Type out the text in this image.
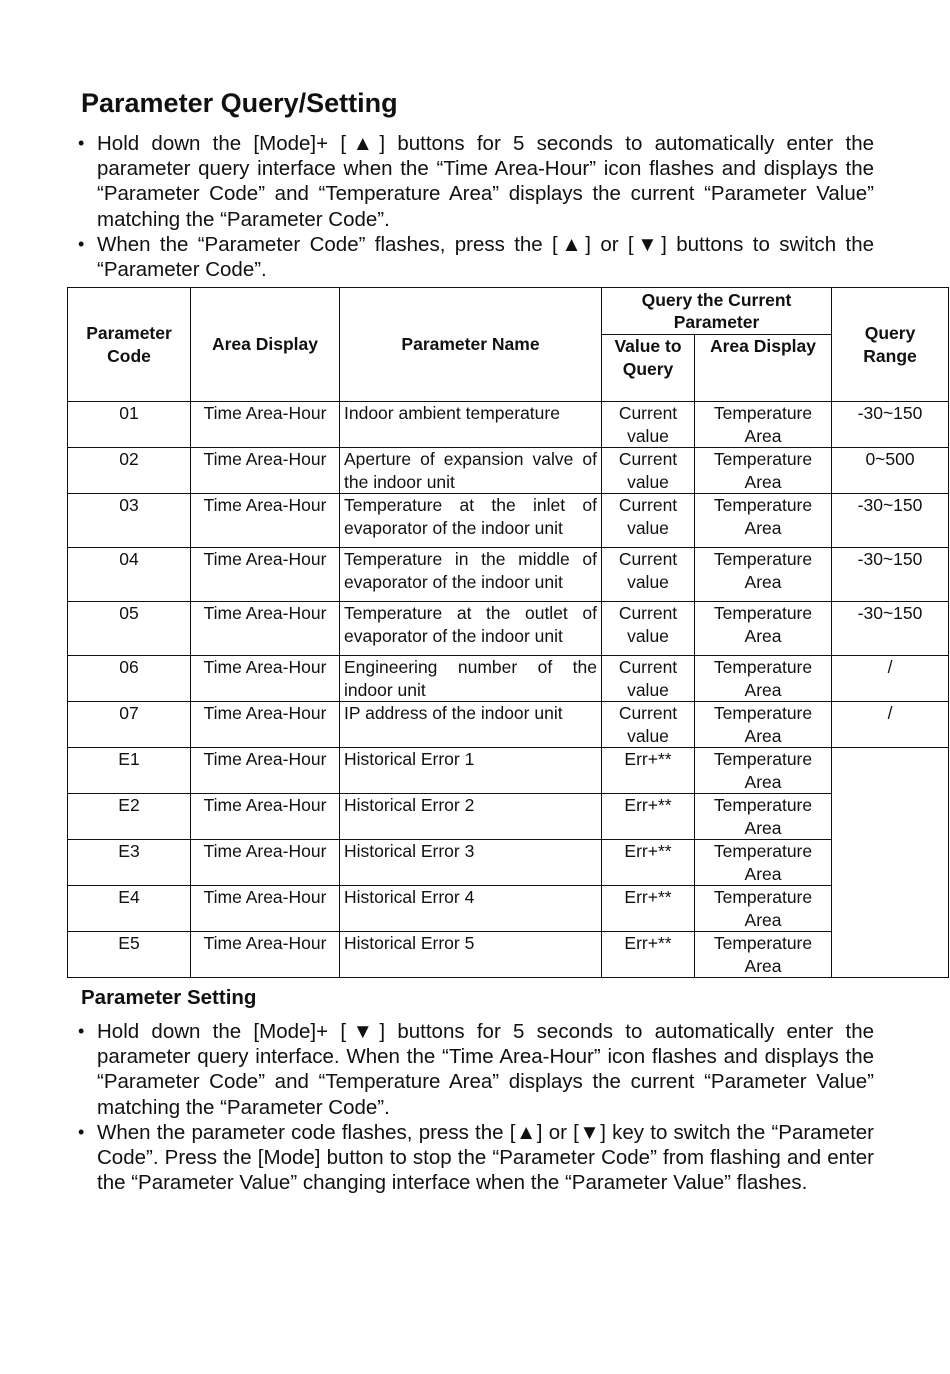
Parameter Query/Setting
• Hold down the [Mode]+ [▲] buttons for 5 seconds to automatically enter the parameter query interface when the “Time Area-Hour” icon flashes and displays the “Parameter Code” and “Temperature Area” displays the current “Parameter Value” matching the “Parameter Code”.
• When the “Parameter Code” flashes, press the [▲] or [▼] buttons to switch the “Parameter Code”.
Parameter Code	Area Display	Parameter Name	Query the Current Parameter		Query Range
			Value to Query	Area Display	
01	Time Area-Hour	Indoor ambient temperature	Current value	Temperature Area	-30~150
02	Time Area-Hour	Aperture of expansion valve of the indoor unit	Current value	Temperature Area	0~500
03	Time Area-Hour	Temperature at the inlet of evaporator of the indoor unit	Current value	Temperature Area	-30~150
04	Time Area-Hour	Temperature in the middle of evaporator of the indoor unit	Current value	Temperature Area	-30~150
05	Time Area-Hour	Temperature at the outlet of evaporator of the indoor unit	Current value	Temperature Area	-30~150
06	Time Area-Hour	Engineering number of the indoor unit	Current value	Temperature Area	/
07	Time Area-Hour	IP address of the indoor unit	Current value	Temperature Area	/
E1	Time Area-Hour	Historical Error 1	Err+**	Temperature Area	
E2	Time Area-Hour	Historical Error 2	Err+**	Temperature Area	
E3	Time Area-Hour	Historical Error 3	Err+**	Temperature Area	
E4	Time Area-Hour	Historical Error 4	Err+**	Temperature Area	
E5	Time Area-Hour	Historical Error 5	Err+**	Temperature Area	
Parameter Setting
• Hold down the [Mode]+ [▼] buttons for 5 seconds to automatically enter the parameter query interface. When the “Time Area-Hour” icon flashes and displays the “Parameter Code” and “Temperature Area” displays the current “Parameter Value” matching the “Parameter Code”.
• When the parameter code flashes, press the [▲] or [▼] key to switch the “Parameter Code”. Press the [Mode] button to stop the “Parameter Code” from flashing and enter the “Parameter Value” changing interface when the “Parameter Value” flashes.
